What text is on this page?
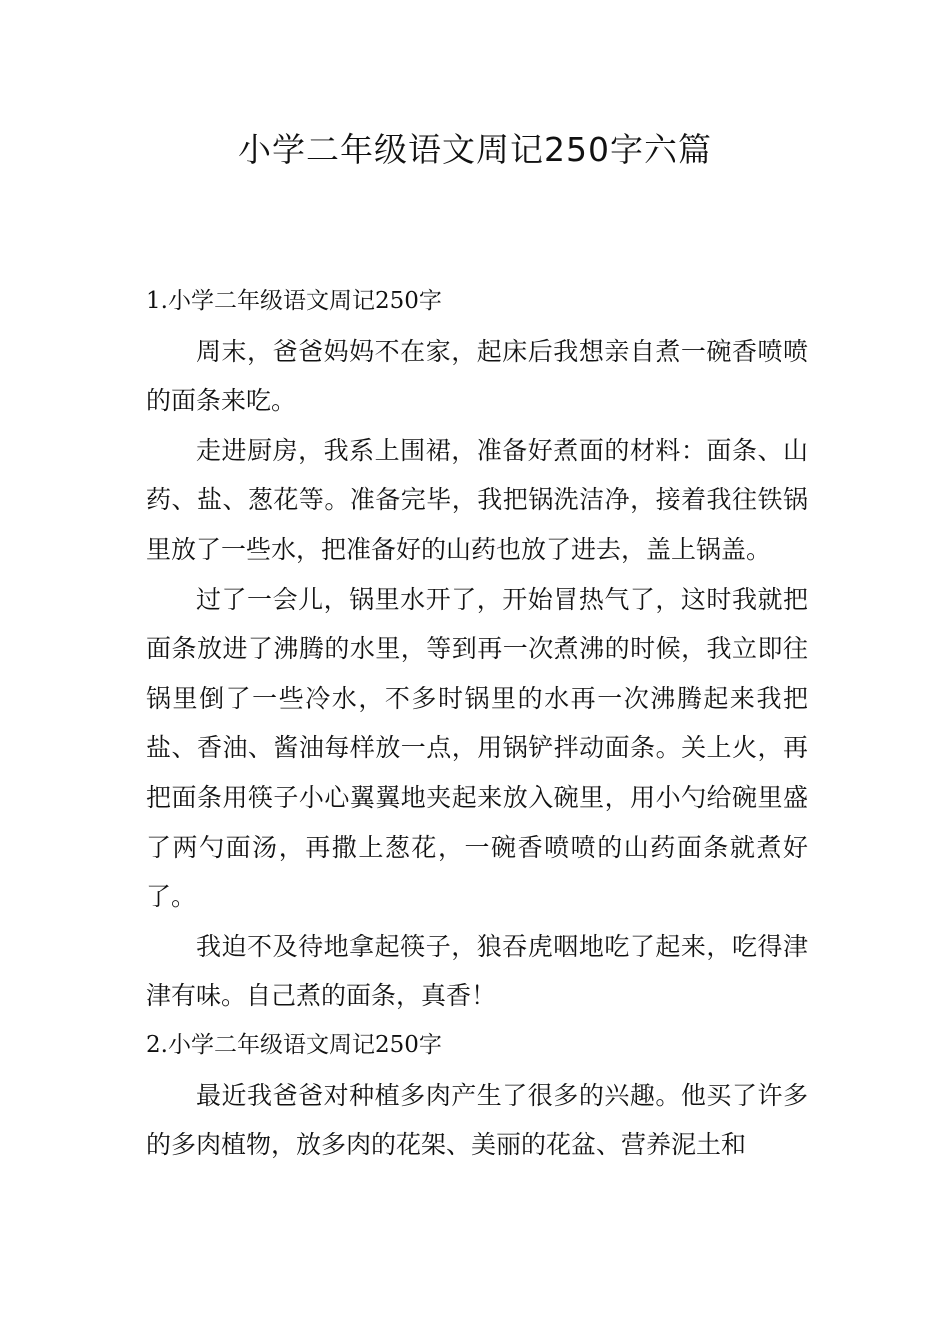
小学二年级语文周记250字六篇
1.小学二年级语文周记250字

周末，爸爸妈妈不在家，起床后我想亲自煮一碗香喷喷的面条来吃。

走进厨房，我系上围裙，准备好煮面的材料：面条、山药、盐、葱花等。准备完毕，我把锅洗洁净，接着我往铁锅里放了一些水，把准备好的山药也放了进去，盖上锅盖。

过了一会儿，锅里水开了，开始冒热气了，这时我就把面条放进了沸腾的水里，等到再一次煮沸的时候，我立即往锅里倒了一些冷水，不多时锅里的水再一次沸腾起来我把盐、香油、酱油每样放一点，用锅铲拌动面条。关上火，再把面条用筷子小心翼翼地夹起来放入碗里，用小勺给碗里盛了两勺面汤，再撒上葱花，一碗香喷喷的山药面条就煮好了。

我迫不及待地拿起筷子，狼吞虎咽地吃了起来，吃得津津有味。自己煮的面条，真香！

2.小学二年级语文周记250字

最近我爸爸对种植多肉产生了很多的兴趣。他买了许多的多肉植物，放多肉的花架、美丽的花盆、营养泥土和
